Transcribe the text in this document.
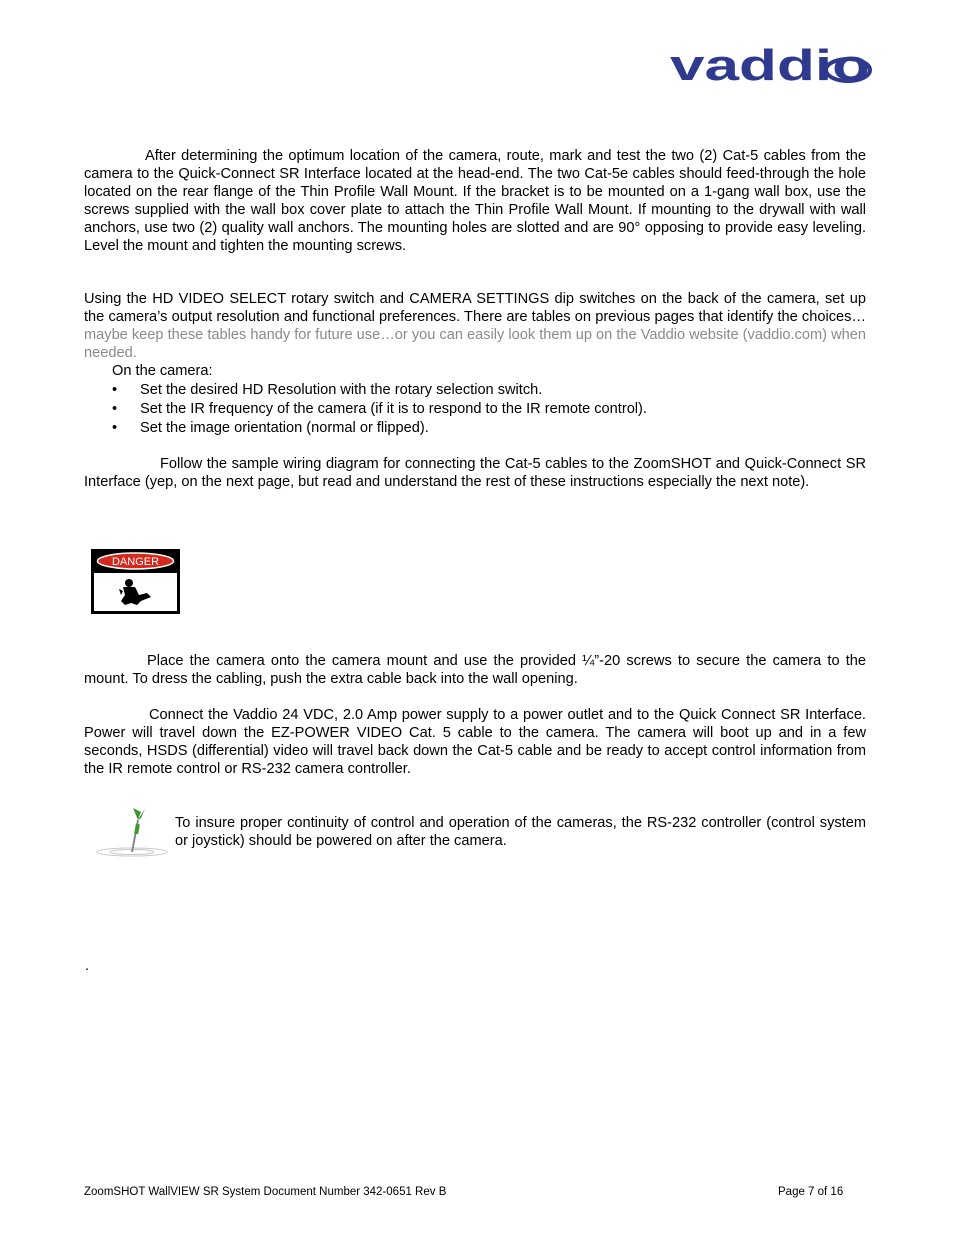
vaddio

After determining the optimum location of the camera, route, mark and test the two (2) Cat-5 cables from the camera to the Quick-Connect SR Interface located at the head-end. The two Cat-5e cables should feed-through the hole located on the rear flange of the Thin Profile Wall Mount. If the bracket is to be mounted on a 1-gang wall box, use the screws supplied with the wall box cover plate to attach the Thin Profile Wall Mount. If mounting to the drywall with wall anchors, use two (2) quality wall anchors. The mounting holes are slotted and are 90° opposing to provide easy leveling. Level the mount and tighten the mounting screws.

Using the HD VIDEO SELECT rotary switch and CAMERA SETTINGS dip switches on the back of the camera, set up the camera’s output resolution and functional preferences. There are tables on previous pages that identify the choices…maybe keep these tables handy for future use…or you can easily look them up on the Vaddio website (vaddio.com) when needed.

On the camera:

• Set the desired HD Resolution with the rotary selection switch.
• Set the IR frequency of the camera (if it is to respond to the IR remote control).
• Set the image orientation (normal or flipped).

Follow the sample wiring diagram for connecting the Cat-5 cables to the ZoomSHOT and Quick-Connect SR Interface (yep, on the next page, but read and understand the rest of these instructions especially the next note).

DANGER

Place the camera onto the camera mount and use the provided ¼”-20 screws to secure the camera to the mount. To dress the cabling, push the extra cable back into the wall opening.

Connect the Vaddio 24 VDC, 2.0 Amp power supply to a power outlet and to the Quick Connect SR Interface. Power will travel down the EZ-POWER VIDEO Cat. 5 cable to the camera. The camera will boot up and in a few seconds, HSDS (differential) video will travel back down the Cat-5 cable and be ready to accept control information from the IR remote control or RS-232 camera controller.

To insure proper continuity of control and operation of the cameras, the RS-232 controller (control system or joystick) should be powered on after the camera.

.

ZoomSHOT WallVIEW SR System Document Number 342-0651 Rev B	Page 7 of 16
